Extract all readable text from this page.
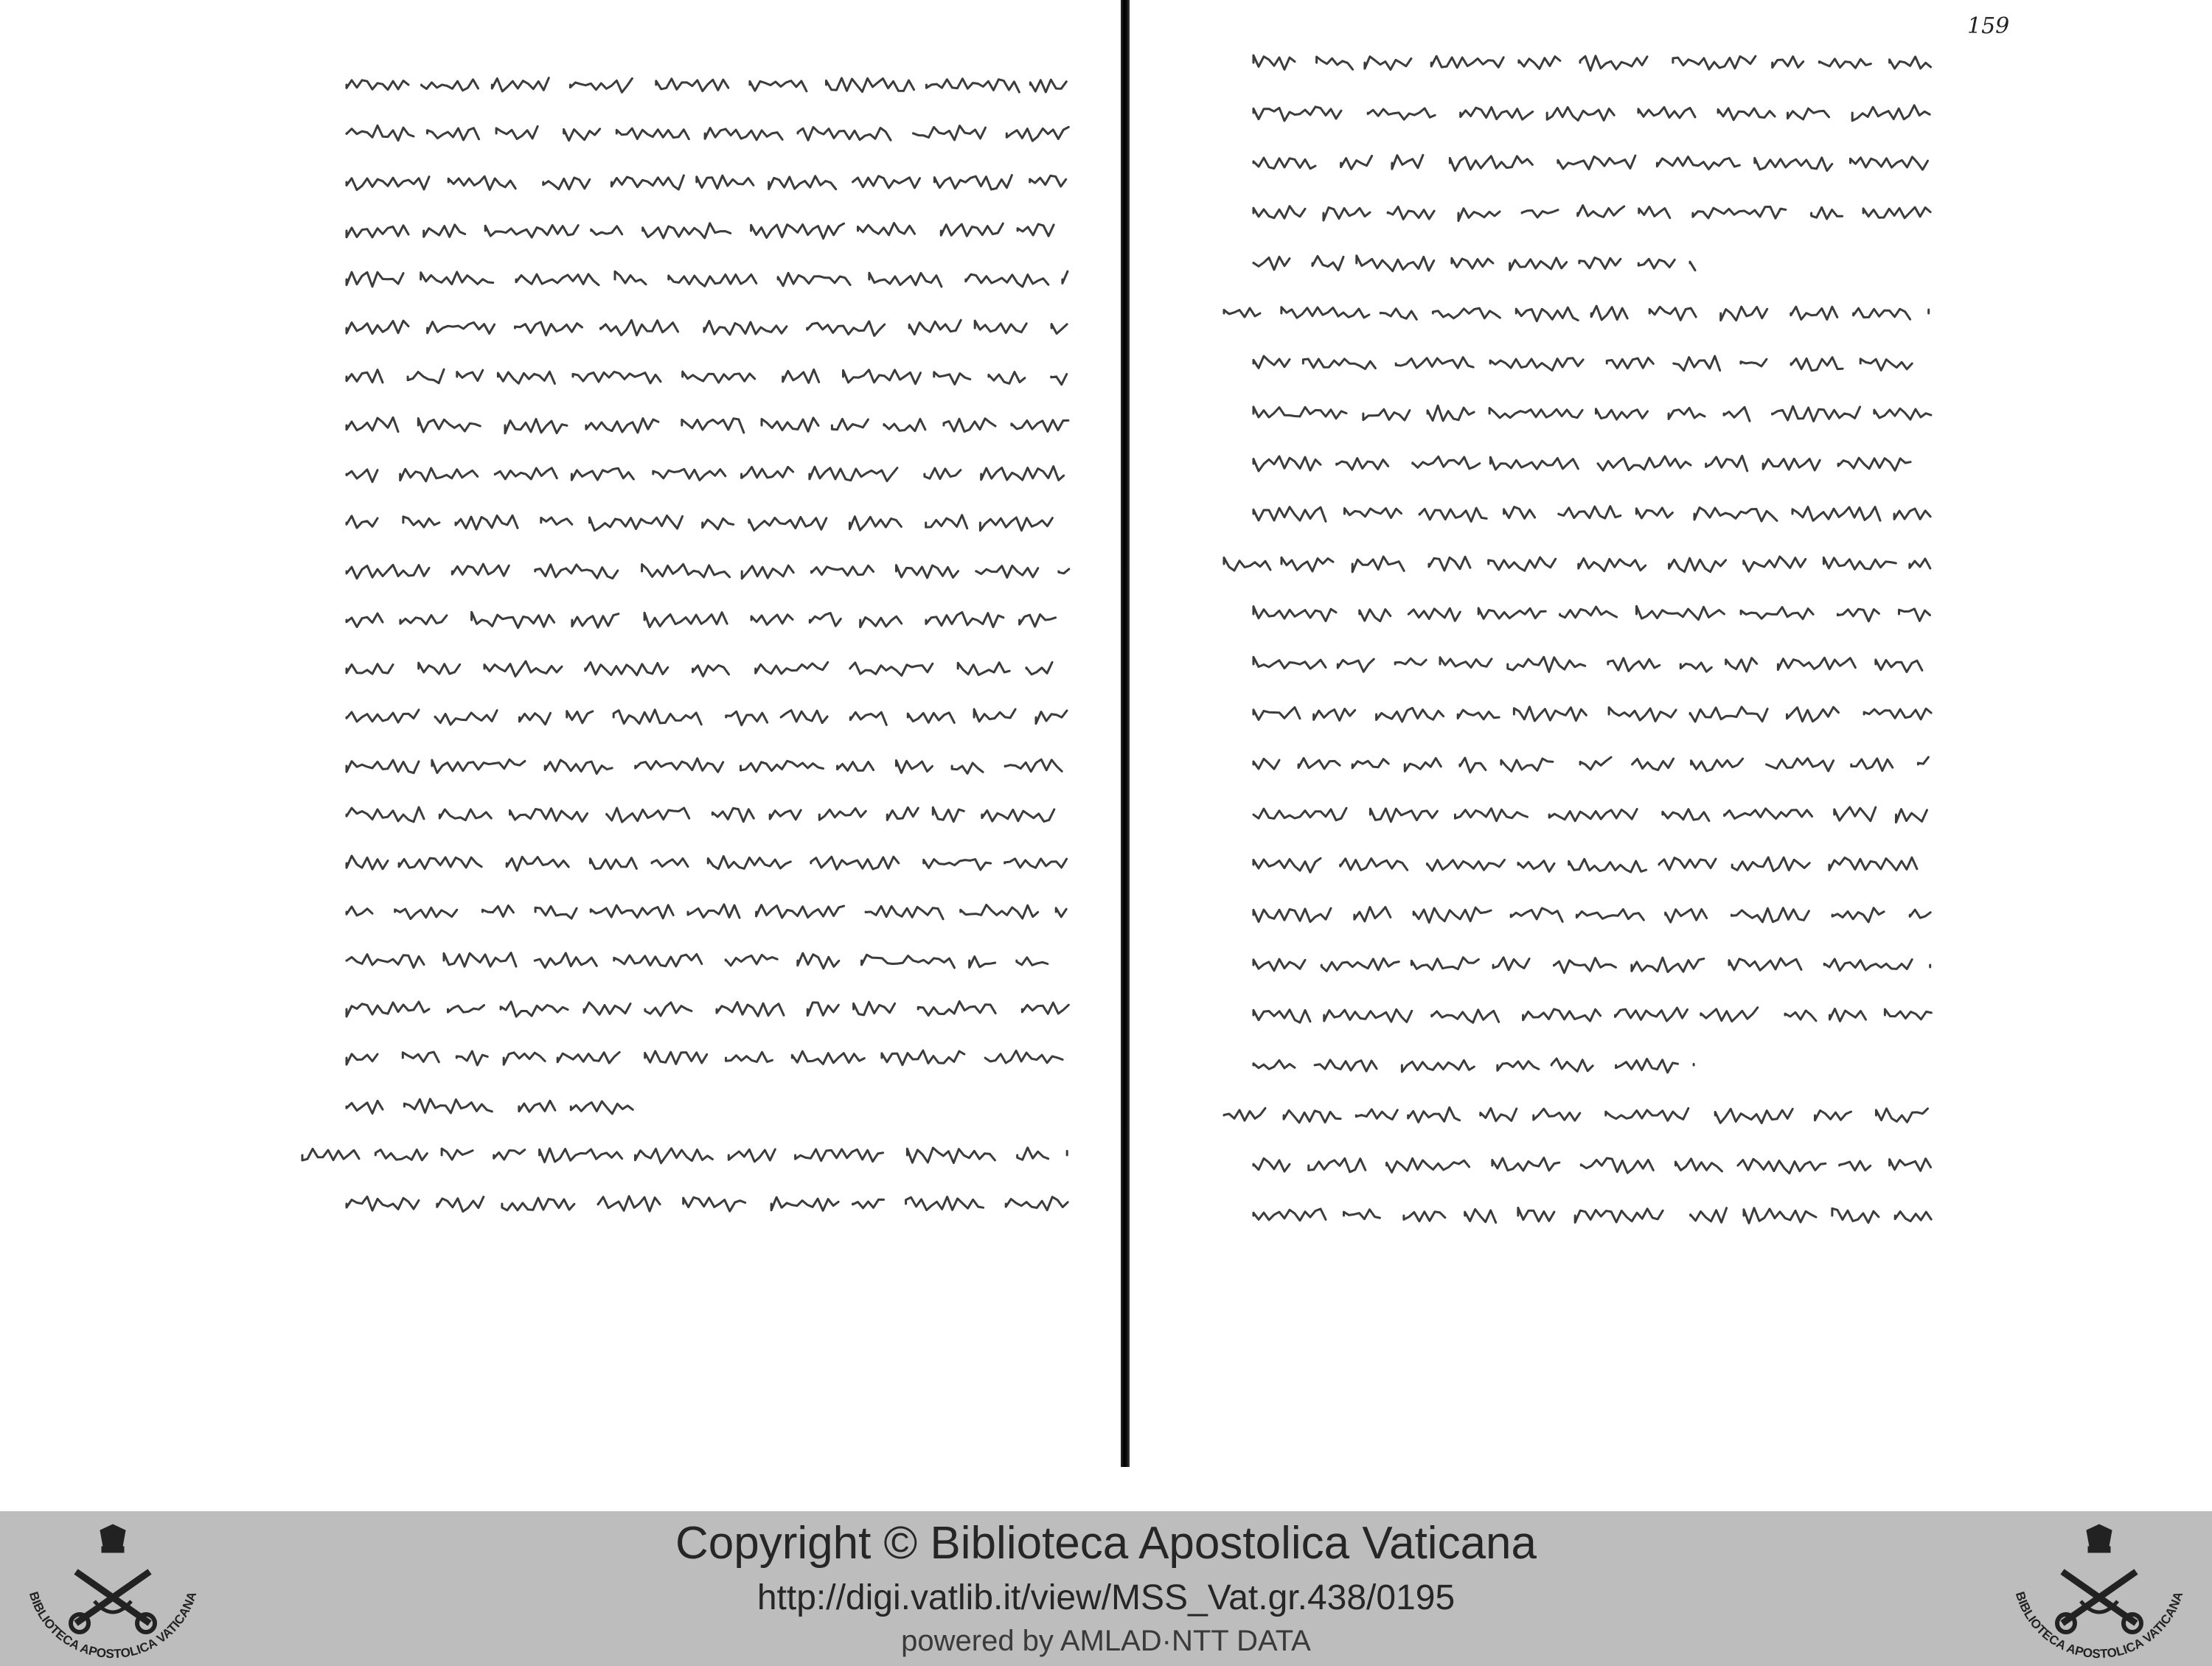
159
Copyright © Biblioteca Apostolica Vaticana
http://digi.vatlib.it/view/MSS_Vat.gr.438/0195
powered by AMLAD·NTT DATA
BIBLIOTECA APOSTOLICA VATICANA	BIBLIOTECA APOSTOLICA VATICANA
